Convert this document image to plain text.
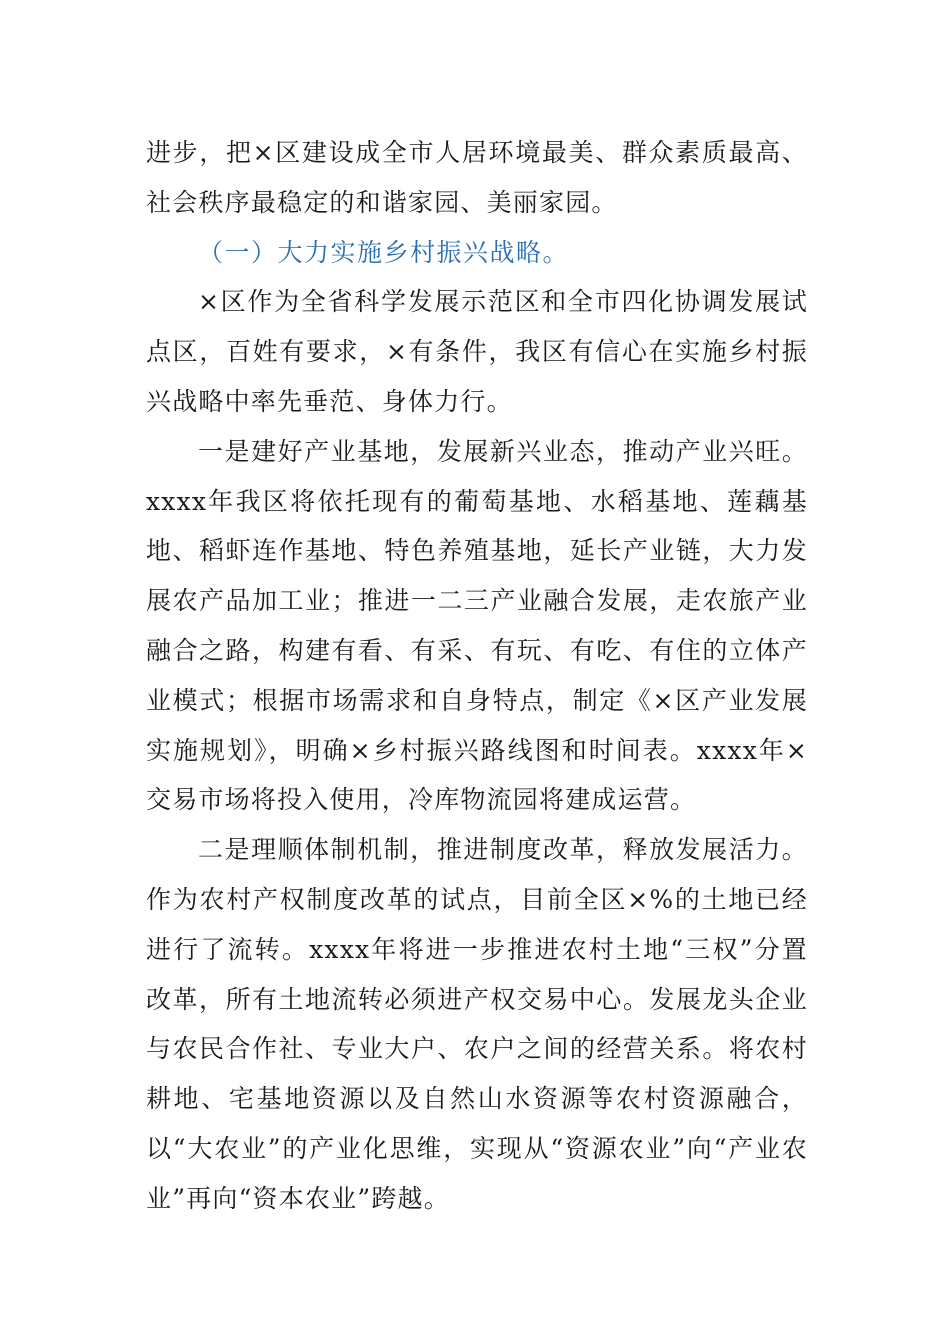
进步，把×区建设成全市人居环境最美、群众素质最高、社会秩序最稳定的和谐家园、美丽家园。

（一）大力实施乡村振兴战略。

×区作为全省科学发展示范区和全市四化协调发展试点区，百姓有要求，×有条件，我区有信心在实施乡村振兴战略中率先垂范、身体力行。

一是建好产业基地，发展新兴业态，推动产业兴旺。xxxx年我区将依托现有的葡萄基地、水稻基地、莲藕基地、稻虾连作基地、特色养殖基地，延长产业链，大力发展农产品加工业；推进一二三产业融合发展，走农旅产业融合之路，构建有看、有采、有玩、有吃、有住的立体产业模式；根据市场需求和自身特点，制定《×区产业发展实施规划》，明确×乡村振兴路线图和时间表。xxxx年×交易市场将投入使用，冷库物流园将建成运营。

二是理顺体制机制，推进制度改革，释放发展活力。作为农村产权制度改革的试点，目前全区×%的土地已经进行了流转。xxxx年将进一步推进农村土地“三权”分置改革，所有土地流转必须进产权交易中心。发展龙头企业与农民合作社、专业大户、农户之间的经营关系。将农村耕地、宅基地资源以及自然山水资源等农村资源融合，以“大农业”的产业化思维，实现从“资源农业”向“产业农业”再向“资本农业”跨越。
